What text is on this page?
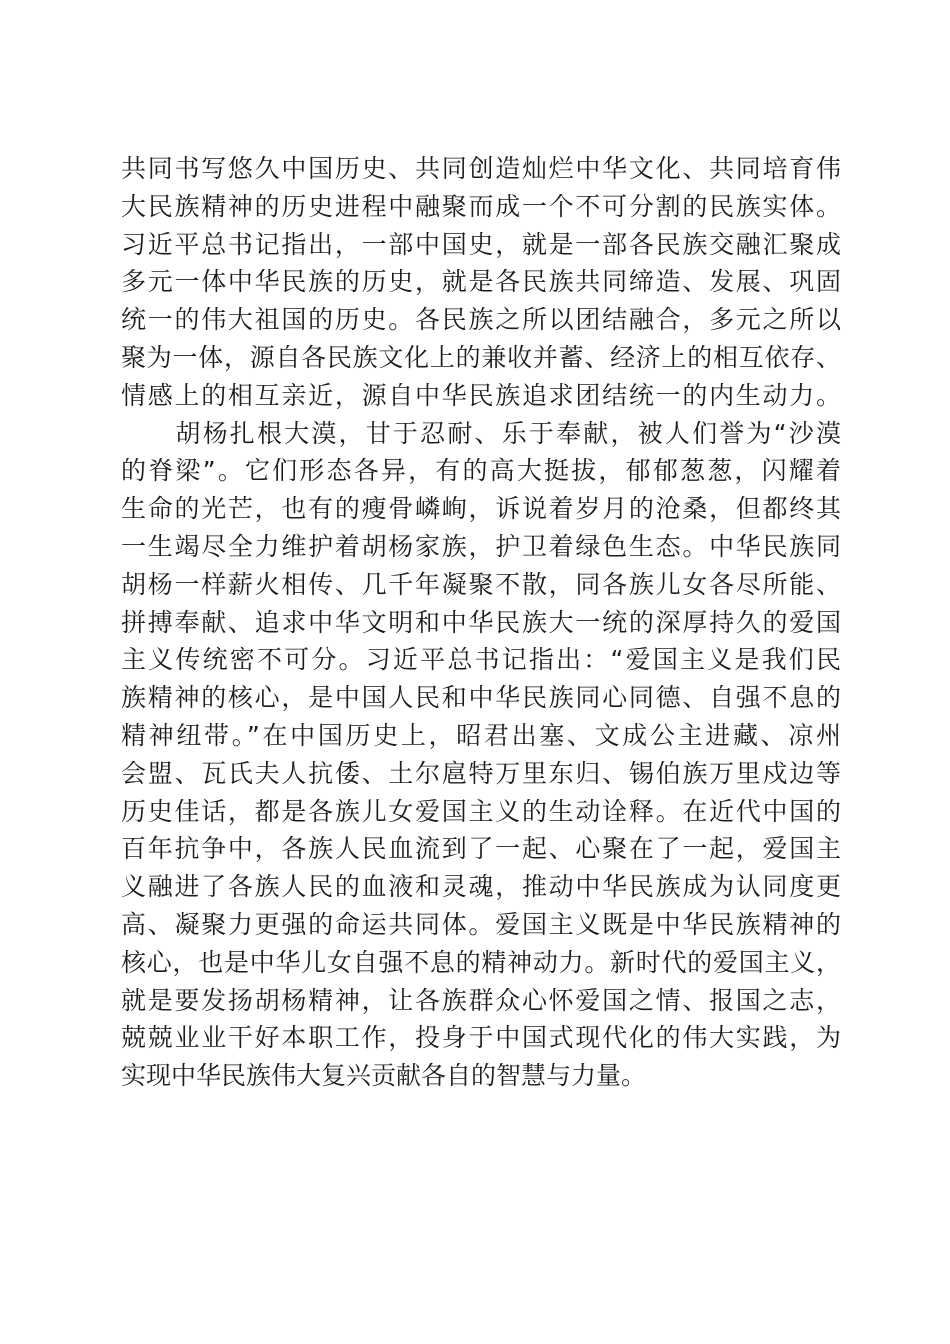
共同书写悠久中国历史、共同创造灿烂中华文化、共同培育伟
大民族精神的历史进程中融聚而成一个不可分割的民族实体。
习近平总书记指出，一部中国史，就是一部各民族交融汇聚成
多元一体中华民族的历史，就是各民族共同缔造、发展、巩固
统一的伟大祖国的历史。各民族之所以团结融合，多元之所以
聚为一体，源自各民族文化上的兼收并蓄、经济上的相互依存、
情感上的相互亲近，源自中华民族追求团结统一的内生动力。
　　胡杨扎根大漠，甘于忍耐、乐于奉献，被人们誉为“沙漠
的脊梁”。它们形态各异，有的高大挺拔，郁郁葱葱，闪耀着
生命的光芒，也有的瘦骨嶙峋，诉说着岁月的沧桑，但都终其
一生竭尽全力维护着胡杨家族，护卫着绿色生态。中华民族同
胡杨一样薪火相传、几千年凝聚不散，同各族儿女各尽所能、
拼搏奉献、追求中华文明和中华民族大一统的深厚持久的爱国
主义传统密不可分。习近平总书记指出：“爱国主义是我们民
族精神的核心，是中国人民和中华民族同心同德、自强不息的
精神纽带。”在中国历史上，昭君出塞、文成公主进藏、凉州
会盟、瓦氏夫人抗倭、土尔扈特万里东归、锡伯族万里戍边等
历史佳话，都是各族儿女爱国主义的生动诠释。在近代中国的
百年抗争中，各族人民血流到了一起、心聚在了一起，爱国主
义融进了各族人民的血液和灵魂，推动中华民族成为认同度更
高、凝聚力更强的命运共同体。爱国主义既是中华民族精神的
核心，也是中华儿女自强不息的精神动力。新时代的爱国主义，
就是要发扬胡杨精神，让各族群众心怀爱国之情、报国之志，
兢兢业业干好本职工作，投身于中国式现代化的伟大实践，为
实现中华民族伟大复兴贡献各自的智慧与力量。
